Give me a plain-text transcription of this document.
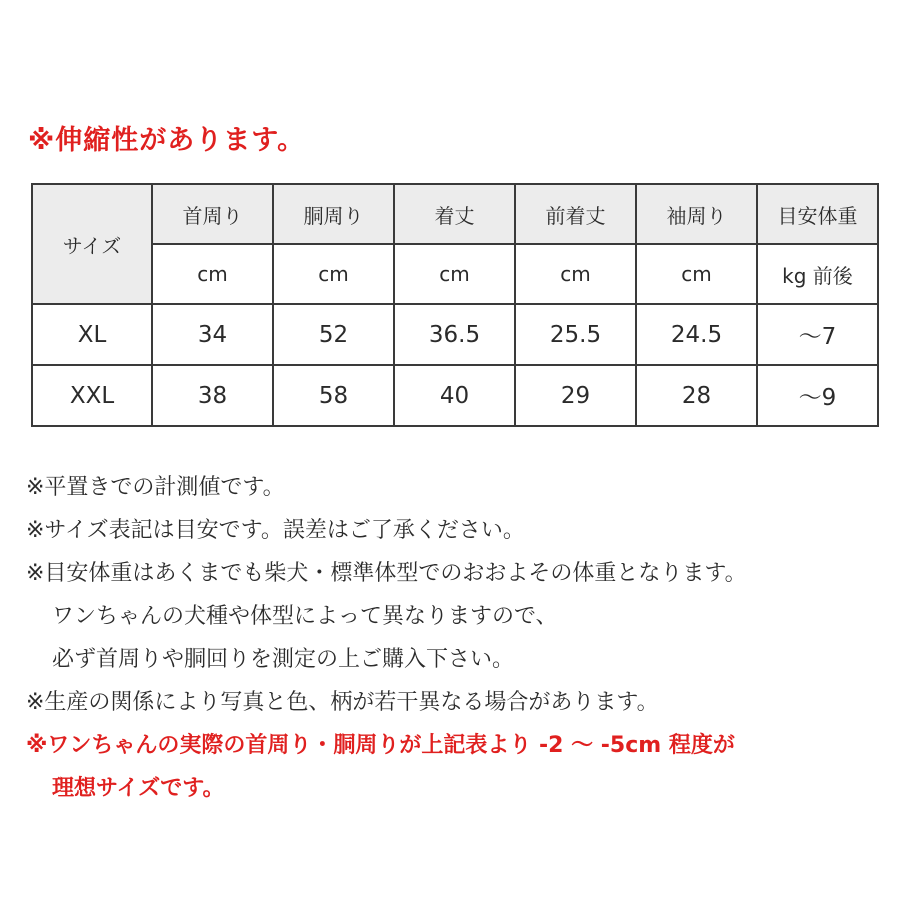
※伸縮性があります。
サイズ	首周り	胴周り	着丈	前着丈	袖周り	目安体重
	cm	cm	cm	cm	cm	kg 前後
XL	34	52	36.5	25.5	24.5	～7
XXL	38	58	40	29	28	～9
※平置きでの計測値です。
※サイズ表記は目安です。誤差はご了承ください。
※目安体重はあくまでも柴犬・標準体型でのおおよその体重となります。
ワンちゃんの犬種や体型によって異なりますので、
必ず首周りや胴回りを測定の上ご購入下さい。
※生産の関係により写真と色、柄が若干異なる場合があります。
※ワンちゃんの実際の首周り・胴周りが上記表より -2 ～ -5cm 程度が
理想サイズです。
